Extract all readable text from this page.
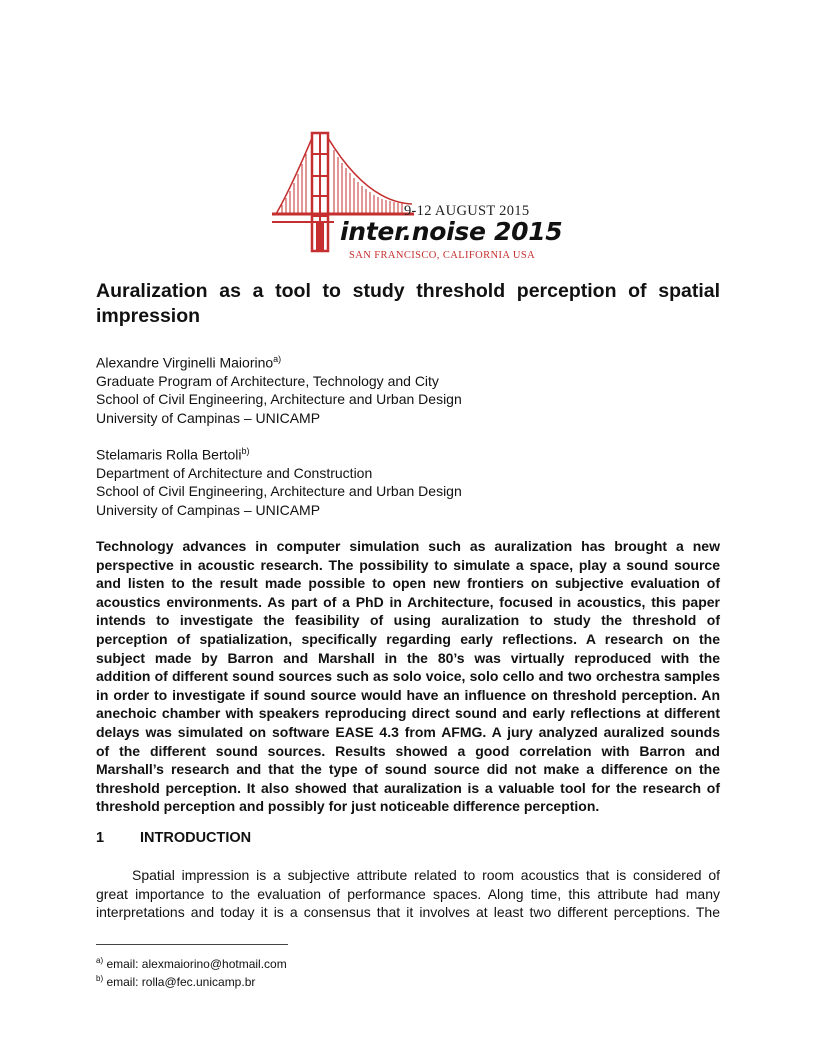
9-12 AUGUST 2015
inter.noise 2015
SAN FRANCISCO, CALIFORNIA USA
Auralization as a tool to study threshold perception of spatial
impression
Alexandre Virginelli Maiorino$^{a)}$
Graduate Program of Architecture, Technology and City
School of Civil Engineering, Architecture and Urban Design
University of Campinas – UNICAMP
Stelamaris Rolla Bertoli$^{b)}$
Department of Architecture and Construction
School of Civil Engineering, Architecture and Urban Design
University of Campinas – UNICAMP
Technology advances in computer simulation such as auralization has brought a new
perspective in acoustic research. The possibility to simulate a space, play a sound source
and listen to the result made possible to open new frontiers on subjective evaluation of
acoustics environments. As part of a PhD in Architecture, focused in acoustics, this paper
intends to investigate the feasibility of using auralization to study the threshold of
perception of spatialization, specifically regarding early reflections. A research on the
subject made by Barron and Marshall in the 80’s was virtually reproduced with the
addition of different sound sources such as solo voice, solo cello and two orchestra samples
in order to investigate if sound source would have an influence on threshold perception. An
anechoic chamber with speakers reproducing direct sound and early reflections at different
delays was simulated on software EASE 4.3 from AFMG. A jury analyzed auralized sounds
of the different sound sources. Results showed a good correlation with Barron and
Marshall’s research and that the type of sound source did not make a difference on the
threshold perception. It also showed that auralization is a valuable tool for the research of
threshold perception and possibly for just noticeable difference perception.
1 INTRODUCTION
Spatial impression is a subjective attribute related to room acoustics that is considered of
great importance to the evaluation of performance spaces. Along time, this attribute had many
interpretations and today it is a consensus that it involves at least two different perceptions. The
$^{a)}$ email: alexmaiorino@hotmail.com
$^{b)}$ email: rolla@fec.unicamp.br
